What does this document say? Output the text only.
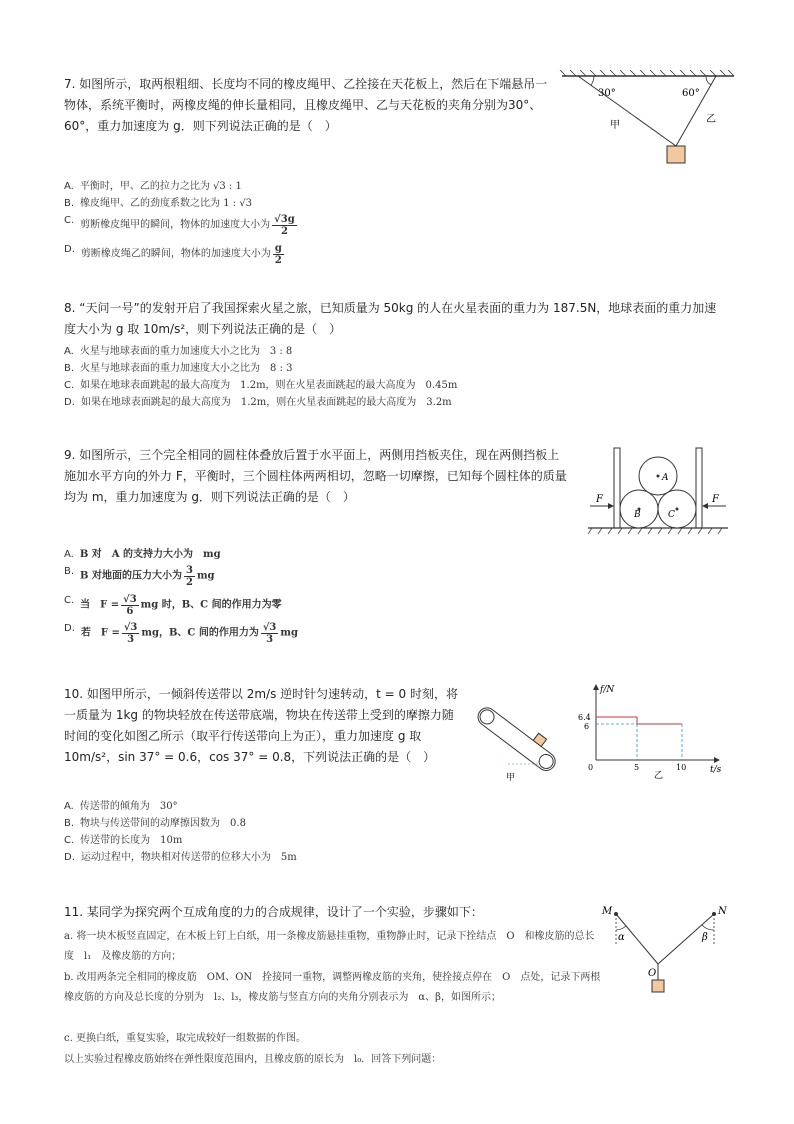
7. 如图所示，取两根粗细、长度均不同的橡皮绳甲、乙拴接在天花板上，然后在下端悬吊一物体，系统平衡时，两橡皮绳的伸长量相同，且橡皮绳甲、乙与天花板的夹角分别为30°、60°，重力加速度为 g．则下列说法正确的是（　）
30°	60°
甲
乙
A. 平衡时，甲、乙的拉力之比为 √3 : 1
B. 橡皮绳甲、乙的劲度系数之比为 1 : √3
C. 剪断橡皮绳甲的瞬间，物体的加速度大小为 $\frac{√3g}{2}$
D. 剪断橡皮绳乙的瞬间，物体的加速度大小为 $\frac{g}{2}$
8. “天问一号”的发射开启了我国探索火星之旅，已知质量为 50kg 的人在火星表面的重力为 187.5N，地球表面的重力加速度大小为 g 取 10m/s²，则下列说法正确的是（　）
A. 火星与地球表面的重力加速度大小之比为　3 : 8
B. 火星与地球表面的重力加速度大小之比为　8 : 3
C. 如果在地球表面跳起的最大高度为　1.2m，则在火星表面跳起的最大高度为　0.45m
D. 如果在地球表面跳起的最大高度为　1.2m，则在火星表面跳起的最大高度为　3.2m
9. 如图所示，三个完全相同的圆柱体叠放后置于水平面上，两侧用挡板夹住，现在两侧挡板上施加水平方向的外力 F，平衡时，三个圆柱体两两相切，忽略一切摩擦，已知每个圆柱体的质量均为 m，重力加速度为 g．则下列说法正确的是（　）
A
B	C
F	F
A. B 对　A 的支持力大小为　mg
B. B 对地面的压力大小为 $\frac{3}{2}$ mg
C. 当　$F = \frac{√3}{6}$ mg 时，B、C 间的作用力为零
D. 若　$F = \frac{√3}{3}$ mg，B、C 间的作用力为 $\frac{√3}{3}$ mg
10. 如图甲所示，一倾斜传送带以 2m/s 逆时针匀速转动，t = 0 时刻，将一质量为 1kg 的物块轻放在传送带底端，物块在传送带上受到的摩擦力随时间的变化如图乙所示（取平行传送带向上为正），重力加速度 g 取 10m/s²，sin 37° = 0.6，cos 37° = 0.8，下列说法正确的是（　）
甲
f/N
t/s
6.4
6
0	5	10
乙
A. 传送带的倾角为　30°
B. 物块与传送带间的动摩擦因数为　0.8
C. 传送带的长度为　10m
D. 运动过程中，物块相对传送带的位移大小为　5m
11. 某同学为探究两个互成角度的力的合成规律，设计了一个实验，步骤如下：
a. 将一块木板竖直固定，在木板上钉上白纸，用一条橡皮筋悬挂重物，重物静止时，记录下拴结点　O　和橡皮筋的总长度　l₁　及橡皮筋的方向；
b. 改用两条完全相同的橡皮筋　OM、ON　拴接同一重物，调整两橡皮筋的夹角，使拴接点停在　O　点处，记录下两根橡皮筋的方向及总长度的分别为　l₂、l₃，橡皮筋与竖直方向的夹角分别表示为　α、β，如图所示；
c. 更换白纸，重复实验，取完成较好一组数据的作图。
以上实验过程橡皮筋始终在弹性限度范围内，且橡皮筋的原长为　l₀．回答下列问题：
M	N
O
α	β
